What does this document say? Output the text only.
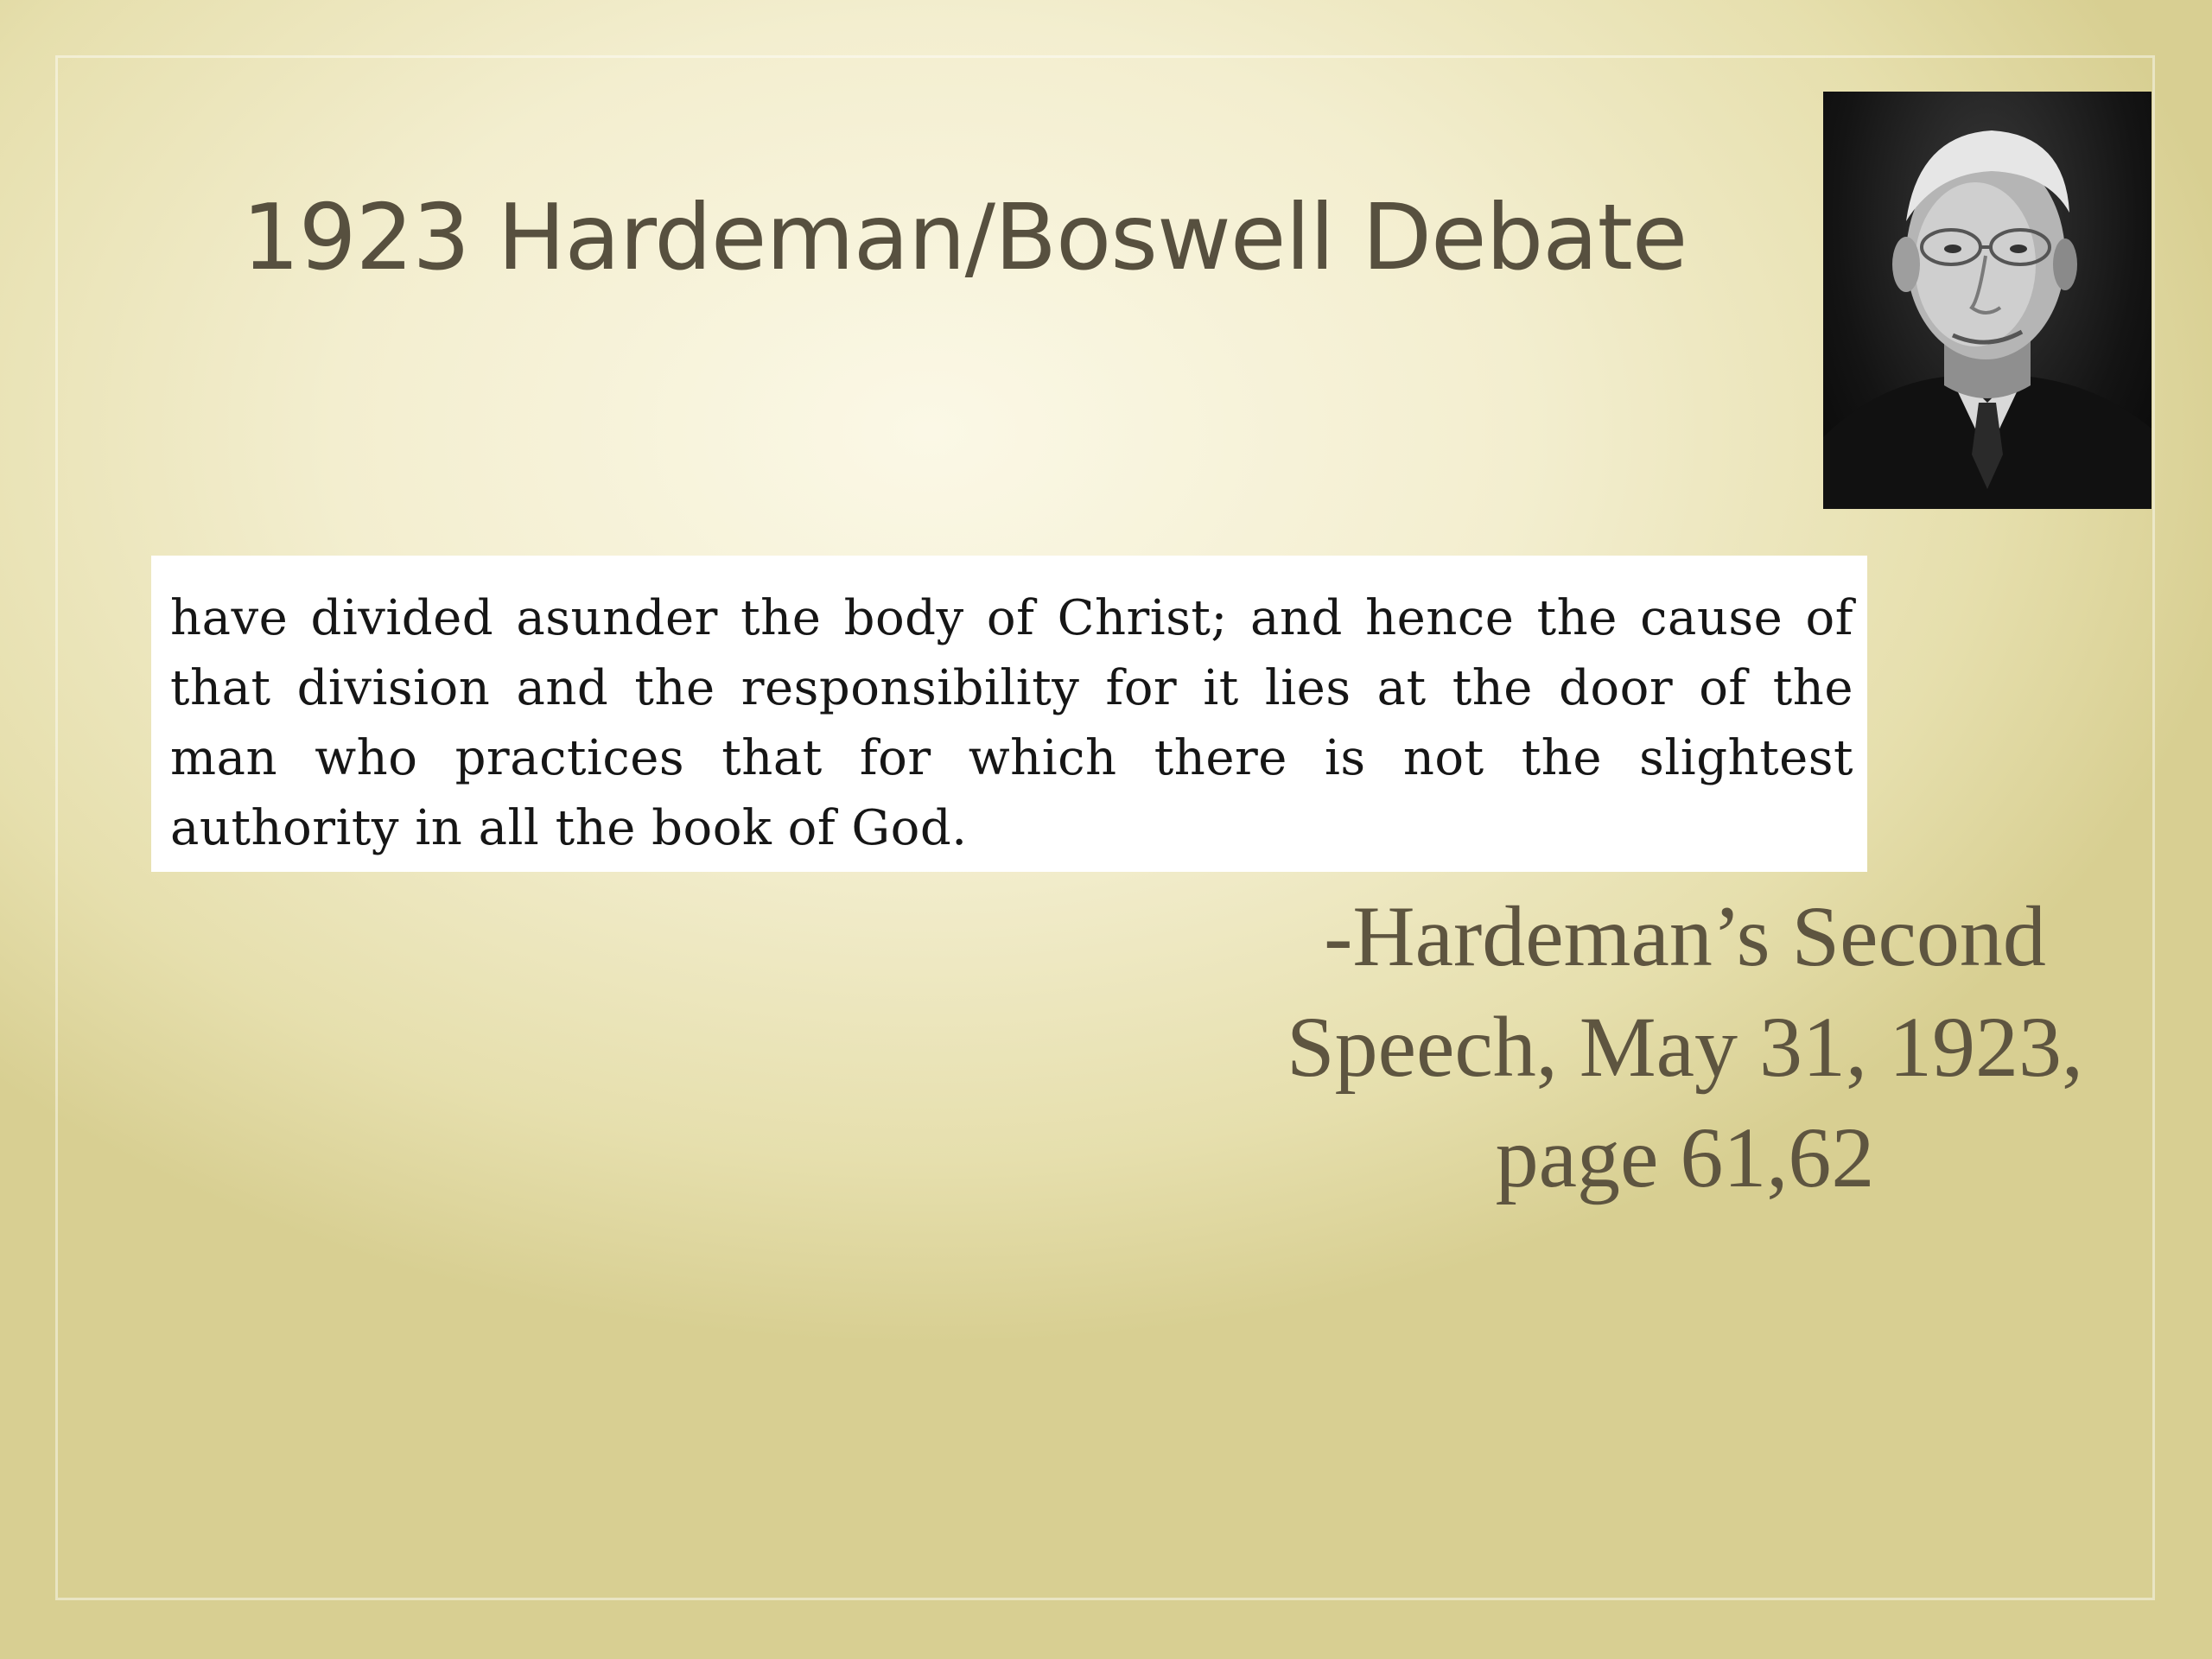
1923 Hardeman/Boswell Debate

have divided asunder the body of Christ; and hence the cause of that division and the responsibility for it lies at the door of the man who practices that for which there is not the slightest authority in all the book of God.

-Hardeman’s Second
Speech, May 31, 1923,
page 61,62
